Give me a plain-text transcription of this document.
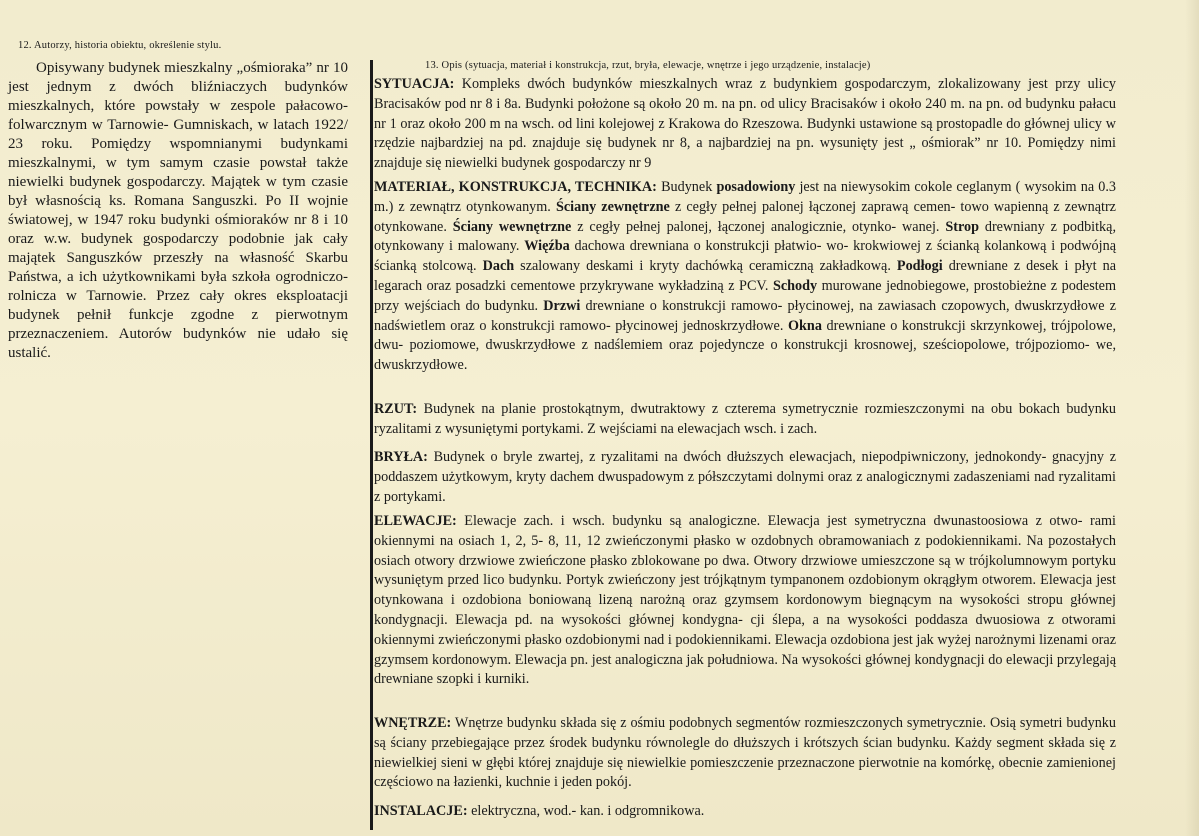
12. Autorzy, historia obiektu, określenie stylu.

Opisywany budynek mieszkalny „ośmioraka” nr 10 jest jednym z dwóch bliźniaczych budynków mieszkalnych, które powstały w zespole pałacowo- folwarcznym w Tarnowie- Gumniskach, w latach 1922/ 23 roku. Pomiędzy wspomnianymi budynkami mieszkalnymi, w tym samym czasie powstał także niewielki budynek gospodarczy. Majątek w tym czasie był własnością ks. Romana Sanguszki. Po II wojnie światowej, w 1947 roku budynki ośmioraków nr 8 i 10 oraz w.w. budynek gospodarczy podobnie jak cały majątek Sanguszków przeszły na własność Skarbu Państwa, a ich użytkownikami była szkoła ogrodniczo- rolnicza w Tarnowie. Przez cały okres eksploatacji budynek pełnił funkcje zgodne z pierwotnym przeznaczeniem. Autorów budynków nie udało się ustalić.

13. Opis (sytuacja, materiał i konstrukcja, rzut, bryła, elewacje, wnętrze i jego urządzenie, instalacje)

SYTUACJA: Kompleks dwóch budynków mieszkalnych wraz z budynkiem gospodarczym, zlokalizowany jest przy ulicy Bracisaków pod nr 8 i 8a. Budynki położone są około 20 m. na pn. od ulicy Bracisaków i około 240 m. na pn. od budynku pałacu nr 1 oraz około 200 m na wsch. od lini kolejowej z Krakowa do Rzeszowa. Budynki ustawione są prostopadle do głównej ulicy w rzędzie najbardziej na pd. znajduje się budynek nr 8, a najbardziej na pn. wysunięty jest „ ośmiorak” nr 10. Pomiędzy nimi znajduje się niewielki budynek gospodarczy nr 9

MATERIAŁ, KONSTRUKCJA, TECHNIKA: Budynek posadowiony jest na niewysokim cokole ceglanym ( wysokim na 0.3 m.) z zewnątrz otynkowanym. Ściany zewnętrzne z cegły pełnej palonej łączonej zaprawą cemen- towo wapienną z zewnątrz otynkowane. Ściany wewnętrzne z cegły pełnej palonej, łączonej analogicznie, otynko- wanej. Strop drewniany z podbitką, otynkowany i malowany. Więźba dachowa drewniana o konstrukcji płatwio- wo- krokwiowej z ścianką kolankową i podwójną ścianką stolcową. Dach szalowany deskami i kryty dachówką ceramiczną zakładkową. Podłogi drewniane z desek i płyt na legarach oraz posadzki cementowe przykrywane wykładziną z PCV. Schody murowane jednobiegowe, prostobieżne z podestem przy wejściach do budynku. Drzwi drewniane o konstrukcji ramowo- płycinowej, na zawiasach czopowych, dwuskrzydłowe z nadświetlem oraz o konstrukcji ramowo- płycinowej jednoskrzydłowe. Okna drewniane o konstrukcji skrzynkowej, trójpolowe, dwu- poziomowe, dwuskrzydłowe z nadślemiem oraz pojedyncze o konstrukcji krosnowej, sześciopolowe, trójpoziomo- we, dwuskrzydłowe.

RZUT: Budynek na planie prostokątnym, dwutraktowy z czterema symetrycznie rozmieszczonymi na obu bokach budynku ryzalitami z wysuniętymi portykami. Z wejściami na elewacjach wsch. i zach.

BRYŁA: Budynek o bryle zwartej, z ryzalitami na dwóch dłuższych elewacjach, niepodpiwniczony, jednokondy- gnacyjny z poddaszem użytkowym, kryty dachem dwuspadowym z półszczytami dolnymi oraz z analogicznymi zadaszeniami nad ryzalitami z portykami.

ELEWACJE: Elewacje zach. i wsch. budynku są analogiczne. Elewacja jest symetryczna dwunastoosiowa z otwo- rami okiennymi na osiach 1, 2, 5- 8, 11, 12 zwieńczonymi płasko w ozdobnych obramowaniach z podokiennikami. Na pozostałych osiach otwory drzwiowe zwieńczone płasko zblokowane po dwa. Otwory drzwiowe umieszczone są w trójkolumnowym portyku wysuniętym przed lico budynku. Portyk zwieńczony jest trójkątnym tympanonem ozdobionym okrągłym otworem. Elewacja jest otynkowana i ozdobiona boniowaną lizeną narożną oraz gzymsem kordonowym biegnącym na wysokości stropu głównej kondygnacji. Elewacja pd. na wysokości głównej kondygna- cji ślepa, a na wysokości poddasza dwuosiowa z otworami okiennymi zwieńczonymi płasko ozdobionymi nad i podokiennikami. Elewacja ozdobiona jest jak wyżej narożnymi lizenami oraz gzymsem kordonowym. Elewacja pn. jest analogiczna jak południowa. Na wysokości głównej kondygnacji do elewacji przylegają drewniane szopki i kurniki.

WNĘTRZE: Wnętrze budynku składa się z ośmiu podobnych segmentów rozmieszczonych symetrycznie. Osią symetri budynku są ściany przebiegające przez środek budynku równolegle do dłuższych i krótszych ścian budynku. Każdy segment składa się z niewielkiej sieni w głębi której znajduje się niewielkie pomieszczenie przeznaczone pierwotnie na komórkę, obecnie zamienionej częściowo na łazienki, kuchnie i jeden pokój.

INSTALACJE: elektryczna, wod.- kan. i odgromnikowa.
